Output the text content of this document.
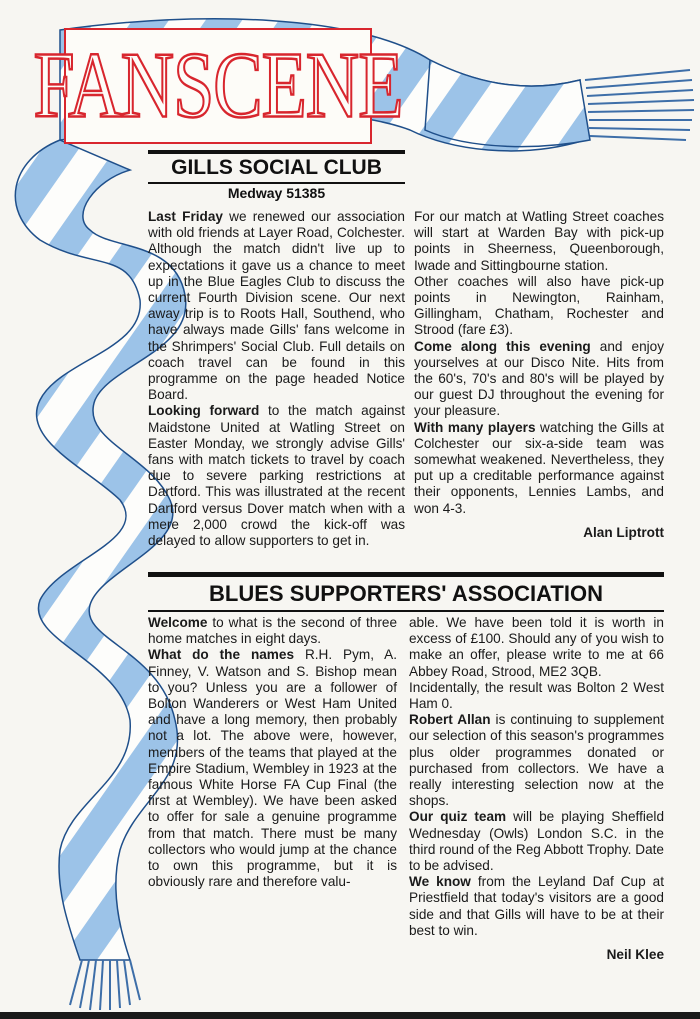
FANSCENE
GILLS SOCIAL CLUB
Medway 51385

Last Friday we renewed our association with old friends at Layer Road, Colchester. Although the match didn't live up to expectations it gave us a chance to meet up in the Blue Eagles Club to discuss the current Fourth Division scene. Our next away trip is to Roots Hall, Southend, who have always made Gills' fans welcome in the Shrimpers' Social Club. Full details on coach travel can be found in this programme on the page headed Notice Board.

Looking forward to the match against Maidstone United at Watling Street on Easter Monday, we strongly advise Gills' fans with match tickets to travel by coach due to severe parking restrictions at Dartford. This was illustrated at the recent Dartford versus Dover match when with a mere 2,000 crowd the kick-off was delayed to allow supporters to get in.

For our match at Watling Street coaches will start at Warden Bay with pick-up points in Sheerness, Queenborough, Iwade and Sittingbourne station.

Other coaches will also have pick-up points in Newington, Rainham, Gillingham, Chatham, Rochester and Strood (fare £3).

Come along this evening and enjoy yourselves at our Disco Nite. Hits from the 60's, 70's and 80's will be played by our guest DJ throughout the evening for your pleasure.

With many players watching the Gills at Colchester our six-a-side team was somewhat weakened. Nevertheless, they put up a creditable performance against their opponents, Lennies Lambs, and won 4-3.

Alan Liptrott

BLUES SUPPORTERS' ASSOCIATION

Welcome to what is the second of three home matches in eight days.

What do the names R.H. Pym, A. Finney, V. Watson and S. Bishop mean to you? Unless you are a follower of Bolton Wanderers or West Ham United and have a long memory, then probably not a lot. The above were, however, members of the teams that played at the Empire Stadium, Wembley in 1923 at the famous White Horse FA Cup Final (the first at Wembley). We have been asked to offer for sale a genuine programme from that match. There must be many collectors who would jump at the chance to own this programme, but it is obviously rare and therefore valu-

able. We have been told it is worth in excess of £100. Should any of you wish to make an offer, please write to me at 66 Abbey Road, Strood, ME2 3QB.

Incidentally, the result was Bolton 2 West Ham 0.

Robert Allan is continuing to supplement our selection of this season's programmes plus older programmes donated or purchased from collectors. We have a really interesting selection now at the shops.

Our quiz team will be playing Sheffield Wednesday (Owls) London S.C. in the third round of the Reg Abbott Trophy. Date to be advised.

We know from the Leyland Daf Cup at Priestfield that today's visitors are a good side and that Gills will have to be at their best to win.

Neil Klee
